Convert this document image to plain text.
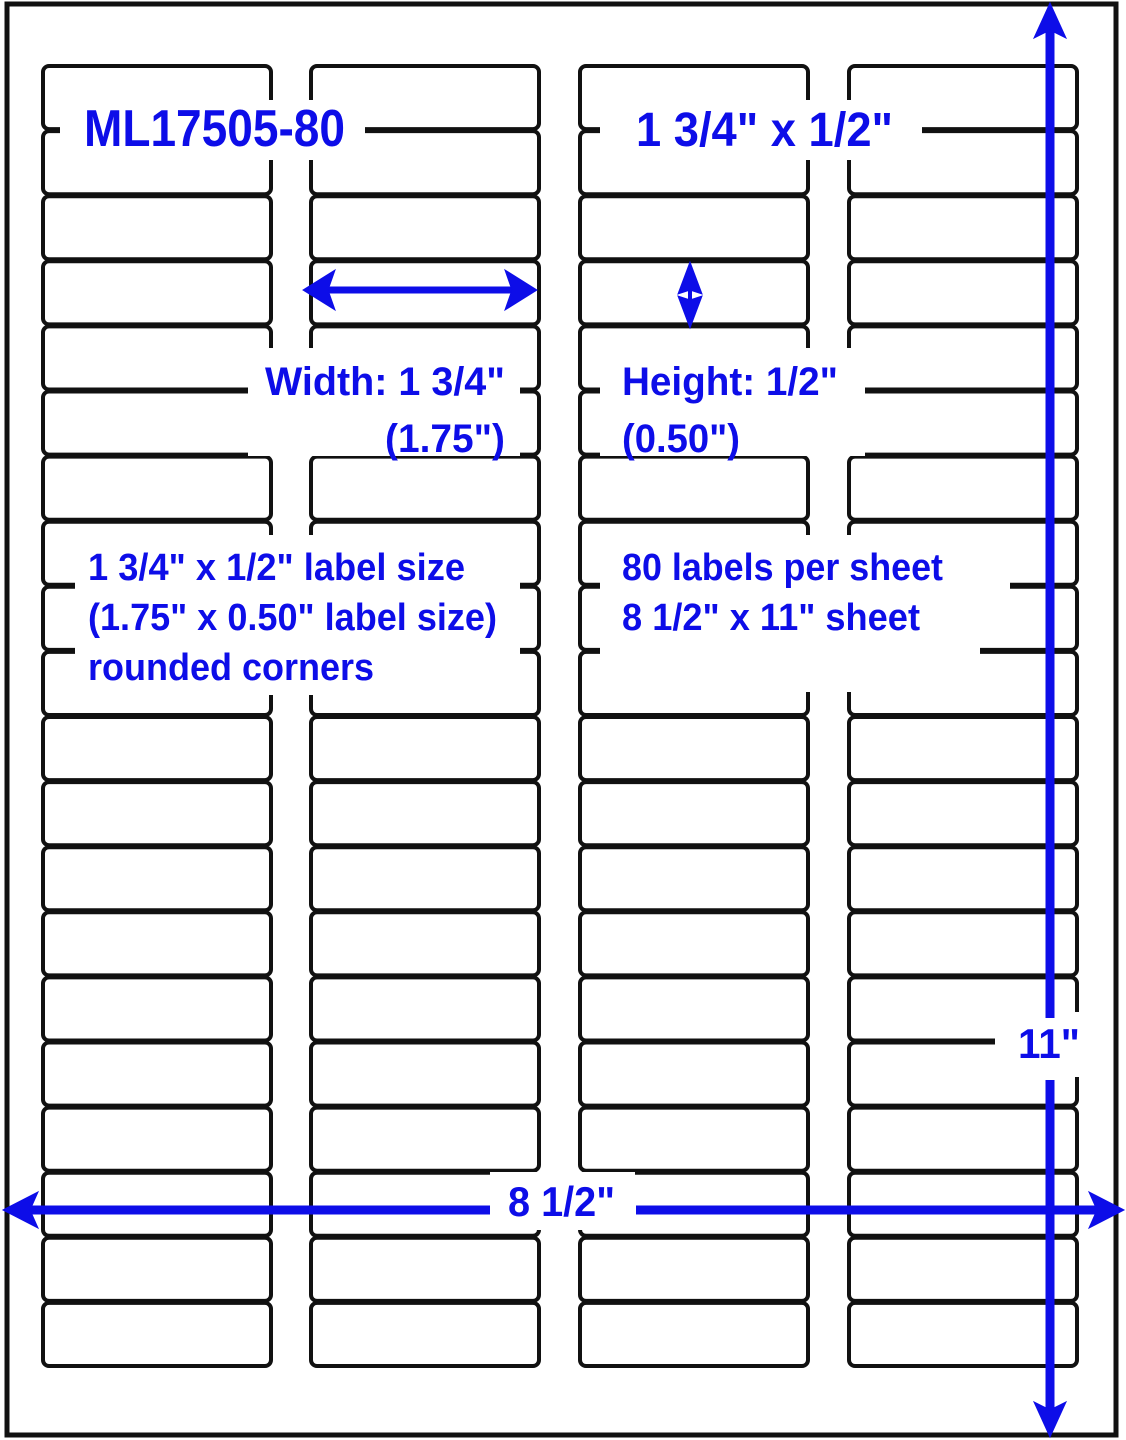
ML17505-80	1 3/4" x 1/2"
Width: 1 3/4"
(1.75")
Height: 1/2"
(0.50")
1 3/4" x 1/2" label size
(1.75" x 0.50" label size)
rounded corners
80 labels per sheet
8 1/2" x 11" sheet
11"
8 1/2"
